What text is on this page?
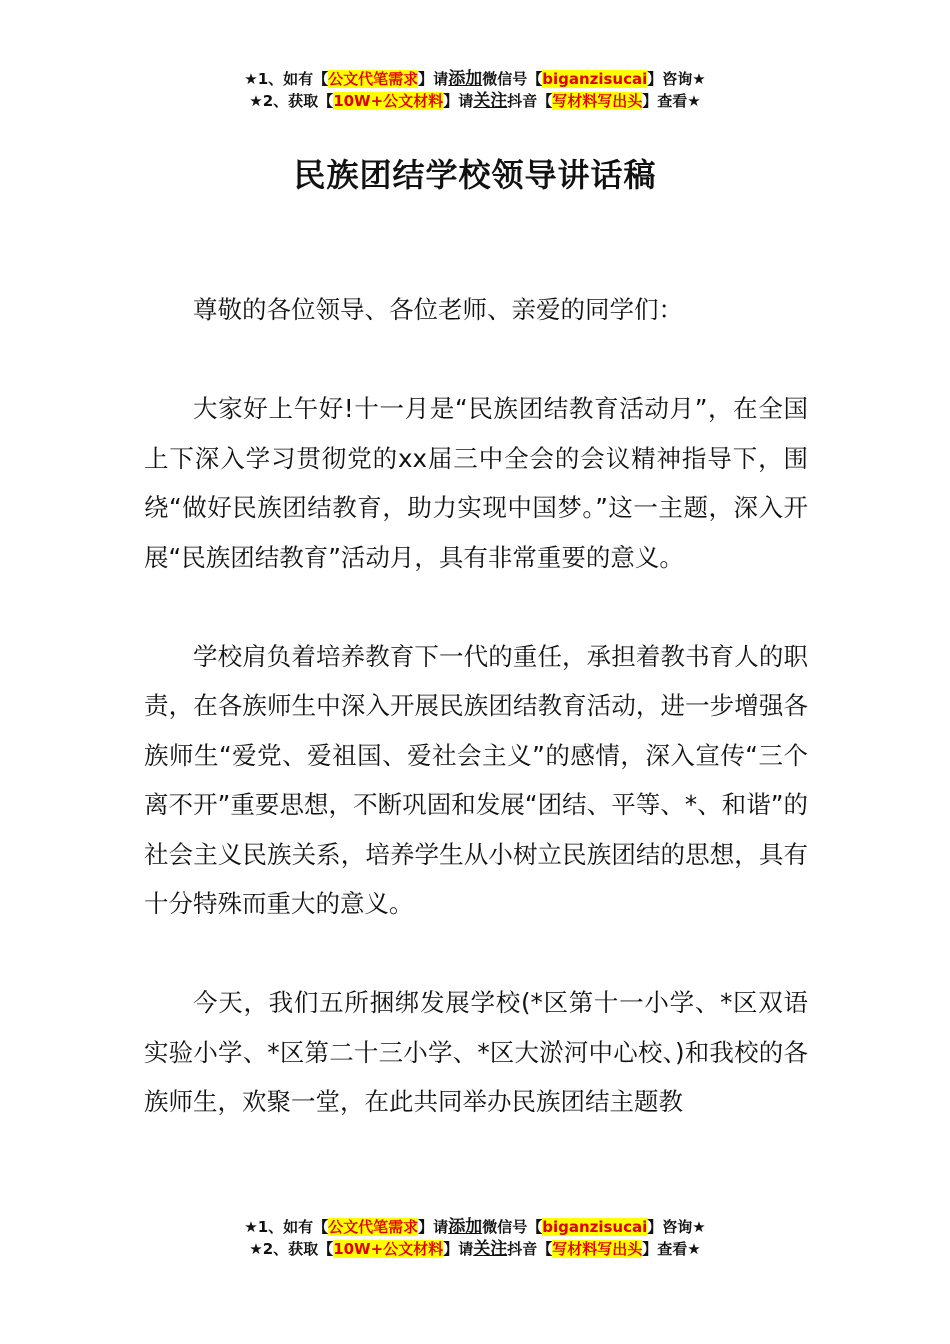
★1、如有【公文代笔需求】请添加微信号【biganzisucai】咨询★
★2、获取【10W+公文材料】请关注抖音【写材料写出头】查看★
民族团结学校领导讲话稿

尊敬的各位领导、各位老师、亲爱的同学们：

大家好上午好!十一月是“民族团结教育活动月”，在全国上下深入学习贯彻党的xx届三中全会的会议精神指导下，围绕“做好民族团结教育，助力实现中国梦。”这一主题，深入开展“民族团结教育”活动月，具有非常重要的意义。

学校肩负着培养教育下一代的重任，承担着教书育人的职责，在各族师生中深入开展民族团结教育活动，进一步增强各族师生“爱党、爱祖国、爱社会主义”的感情，深入宣传“三个离不开”重要思想，不断巩固和发展“团结、平等、*、和谐”的社会主义民族关系，培养学生从小树立民族团结的思想，具有十分特殊而重大的意义。

今天，我们五所捆绑发展学校(*区第十一小学、*区双语实验小学、*区第二十三小学、*区大淤河中心校、)和我校的各族师生，欢聚一堂，在此共同举办民族团结主题教

★1、如有【公文代笔需求】请添加微信号【biganzisucai】咨询★
★2、获取【10W+公文材料】请关注抖音【写材料写出头】查看★
